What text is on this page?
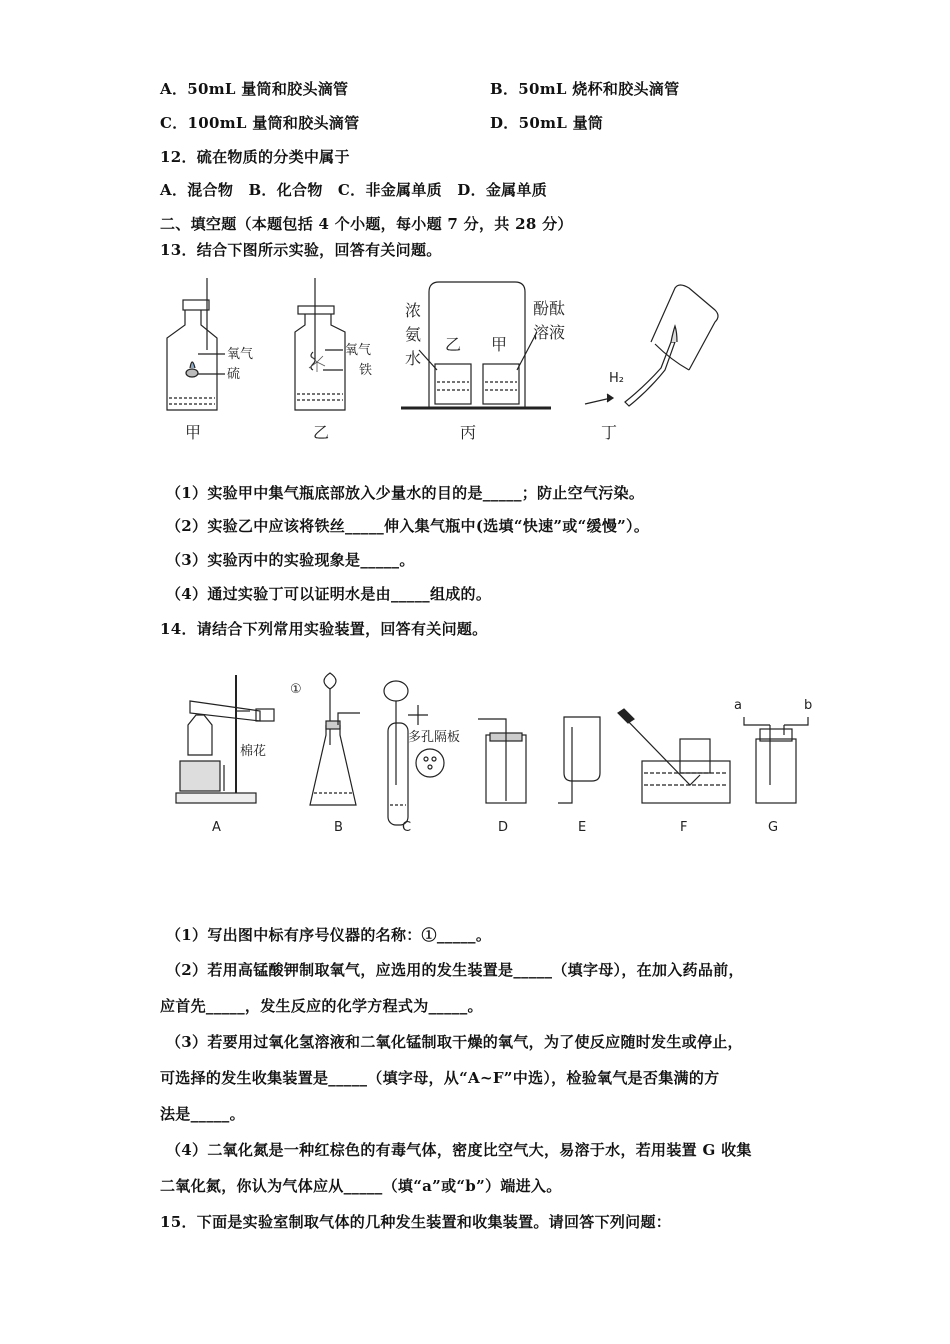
A．50mL 量筒和胶头滴管	B．50mL 烧杯和胶头滴管
C．100mL 量筒和胶头滴管	D．50mL 量筒
12．硫在物质的分类中属于
A．混合物　B．化合物　C．非金属单质　D．金属单质
二、填空题（本题包括 4 个小题，每小题 7 分，共 28 分）
13．结合下图所示实验，回答有关问题。
氧气
硫
氧气
铁
浓
氨
水
乙 甲
酚酞
溶液
H₂
甲	乙	丙	丁
（1）实验甲中集气瓶底部放入少量水的目的是_____；防止空气污染。
（2）实验乙中应该将铁丝_____伸入集气瓶中(选填“快速”或“缓慢”）。
（3）实验丙中的实验现象是_____。
（4）通过实验丁可以证明水是由_____组成的。
14．请结合下列常用实验装置，回答有关问题。
①
棉花
多孔隔板
a	b
A	B	C	D	E	F	G
（1）写出图中标有序号仪器的名称：①_____。
（2）若用高锰酸钾制取氧气，应选用的发生装置是_____（填字母），在加入药品前，
应首先_____，发生反应的化学方程式为_____。
（3）若要用过氧化氢溶液和二氧化锰制取干燥的氧气，为了使反应随时发生或停止，
可选择的发生收集装置是_____（填字母，从“A~F”中选），检验氧气是否集满的方
法是_____。
（4）二氧化氮是一种红棕色的有毒气体，密度比空气大，易溶于水，若用装置 G 收集
二氧化氮，你认为气体应从_____（填“a”或“b”）端进入。
15．下面是实验室制取气体的几种发生装置和收集装置。请回答下列问题：
